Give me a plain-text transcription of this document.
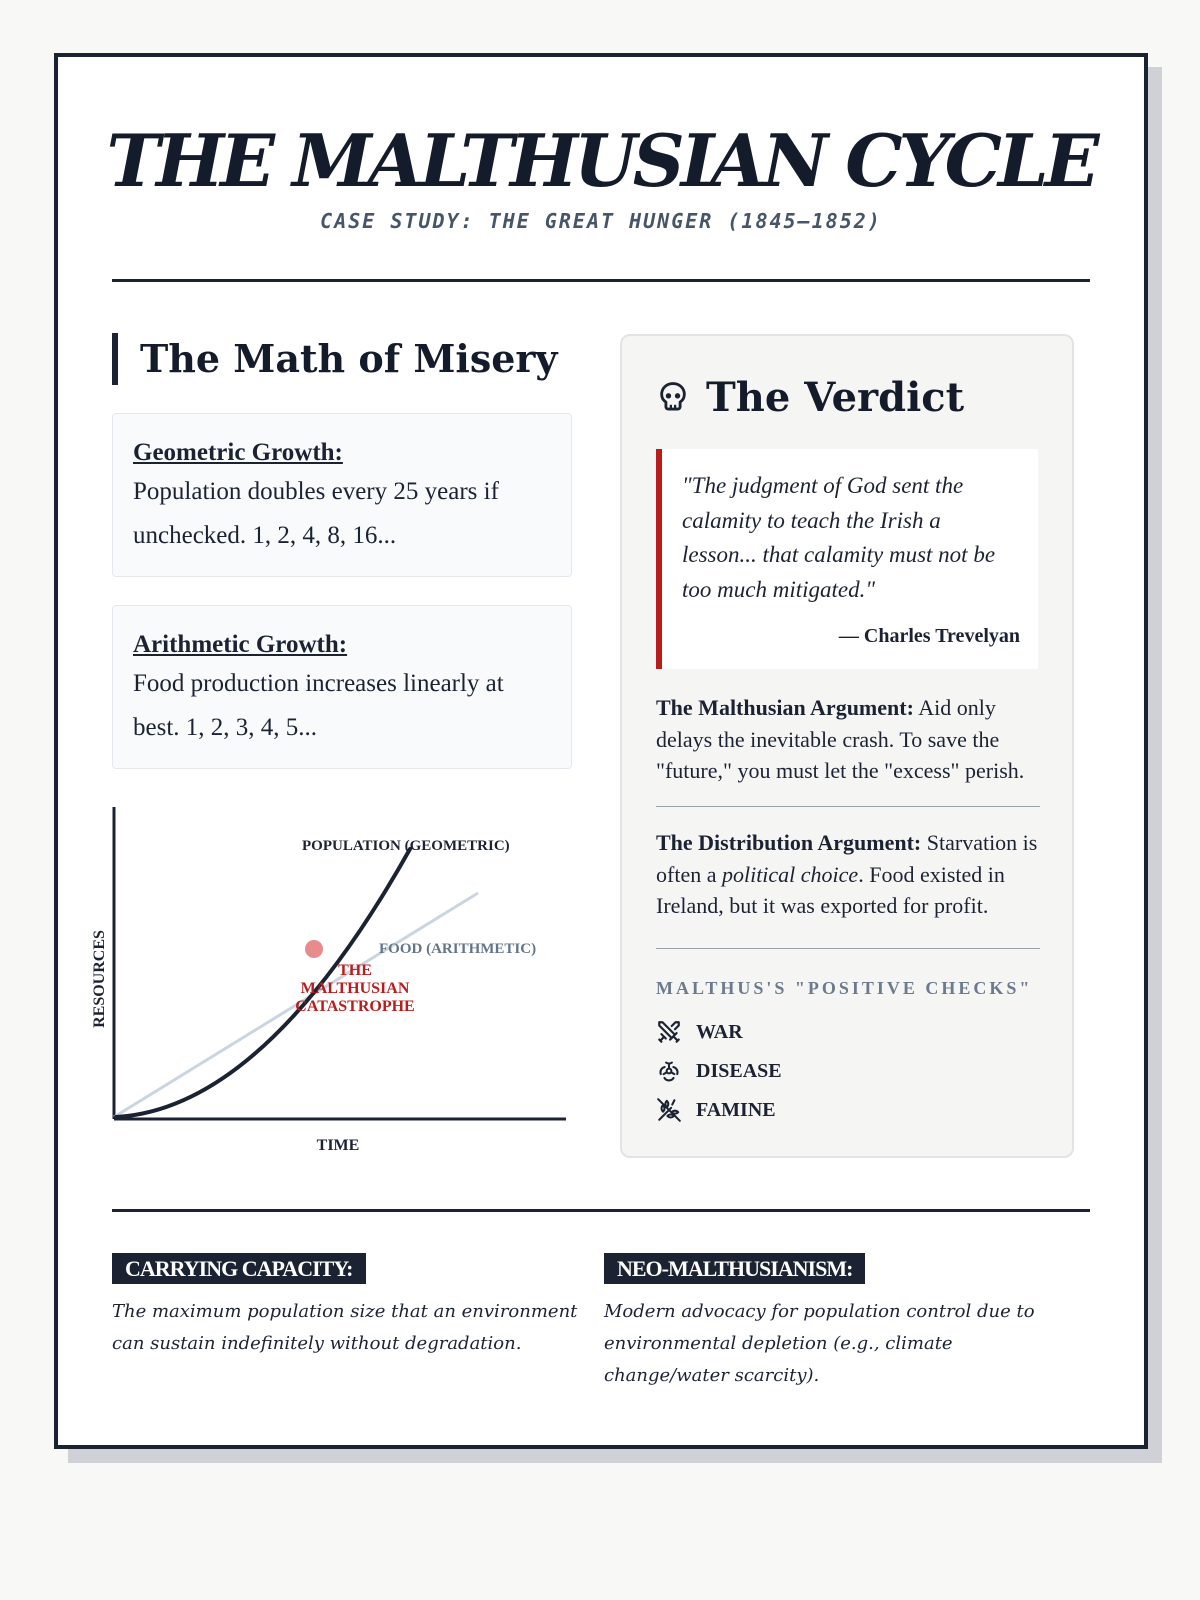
THE MALTHUSIAN CYCLE
CASE STUDY: THE GREAT HUNGER (1845–1852)
The Math of Misery
Geometric Growth:
Population doubles every 25 years if unchecked. 1, 2, 4, 8, 16...
Arithmetic Growth:
Food production increases linearly at best. 1, 2, 3, 4, 5...
POPULATION (GEOMETRIC)
FOOD (ARITHMETIC)
THE
MALTHUSIAN
CATASTROPHE
TIME
RESOURCES
The Verdict
"The judgment of God sent the calamity to teach the Irish a lesson... that calamity must not be too much mitigated."
— Charles Trevelyan
The Malthusian Argument: Aid only delays the inevitable crash. To save the "future," you must let the "excess" perish.
The Distribution Argument: Starvation is often a political choice. Food existed in Ireland, but it was exported for profit.
MALTHUS'S "POSITIVE CHECKS"
WAR
DISEASE
FAMINE
CARRYING CAPACITY:
The maximum population size that an environment can sustain indefinitely without degradation.
NEO-MALTHUSIANISM:
Modern advocacy for population control due to environmental depletion (e.g., climate change/water scarcity).
